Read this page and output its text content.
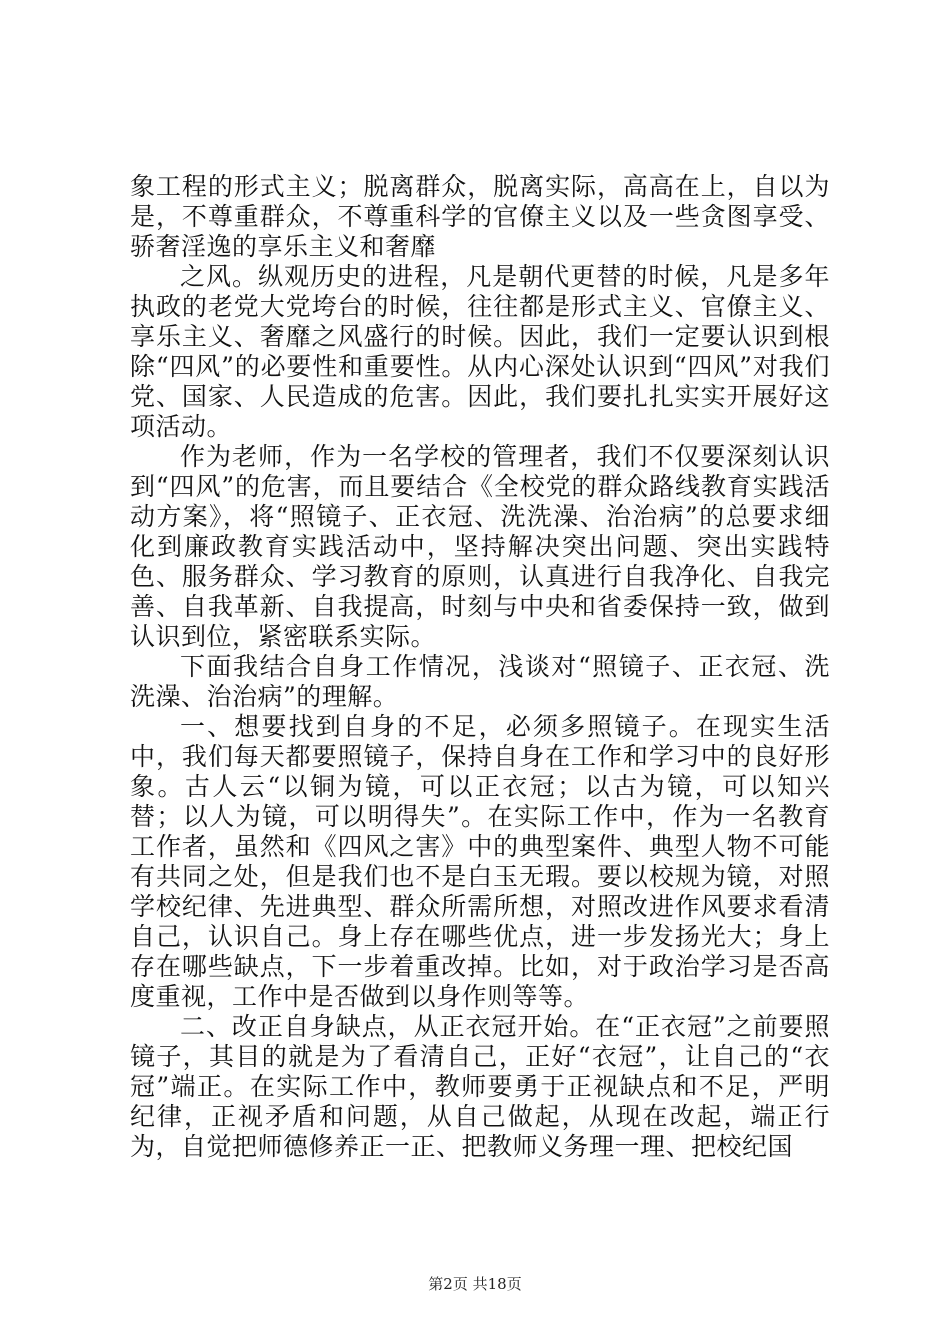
象工程的形式主义；脱离群众，脱离实际，高高在上，自以为是，不尊重群众，不尊重科学的官僚主义以及一些贪图享受、骄奢淫逸的享乐主义和奢靡

之风。纵观历史的进程，凡是朝代更替的时候，凡是多年执政的老党大党垮台的时候，往往都是形式主义、官僚主义、享乐主义、奢靡之风盛行的时候。因此，我们一定要认识到根除“四风”的必要性和重要性。从内心深处认识到“四风”对我们党、国家、人民造成的危害。因此，我们要扎扎实实开展好这项活动。

作为老师，作为一名学校的管理者，我们不仅要深刻认识到“四风”的危害，而且要结合《全校党的群众路线教育实践活动方案》，将“照镜子、正衣冠、洗洗澡、治治病”的总要求细化到廉政教育实践活动中，坚持解决突出问题、突出实践特色、服务群众、学习教育的原则，认真进行自我净化、自我完善、自我革新、自我提高，时刻与中央和省委保持一致，做到认识到位，紧密联系实际。

下面我结合自身工作情况，浅谈对“照镜子、正衣冠、洗洗澡、治治病”的理解。

一、想要找到自身的不足，必须多照镜子。在现实生活中，我们每天都要照镜子，保持自身在工作和学习中的良好形象。古人云“以铜为镜，可以正衣冠；以古为镜，可以知兴替；以人为镜，可以明得失”。在实际工作中，作为一名教育工作者，虽然和《四风之害》中的典型案件、典型人物不可能有共同之处，但是我们也不是白玉无瑕。要以校规为镜，对照学校纪律、先进典型、群众所需所想，对照改进作风要求看清自己，认识自己。身上存在哪些优点，进一步发扬光大；身上存在哪些缺点，下一步着重改掉。比如，对于政治学习是否高度重视，工作中是否做到以身作则等等。

二、改正自身缺点，从正衣冠开始。在“正衣冠”之前要照镜子，其目的就是为了看清自己，正好“衣冠”，让自己的“衣冠”端正。在实际工作中，教师要勇于正视缺点和不足，严明纪律，正视矛盾和问题，从自己做起，从现在改起，端正行为，自觉把师德修养正一正、把教师义务理一理、把校纪国

第2页 共18页
